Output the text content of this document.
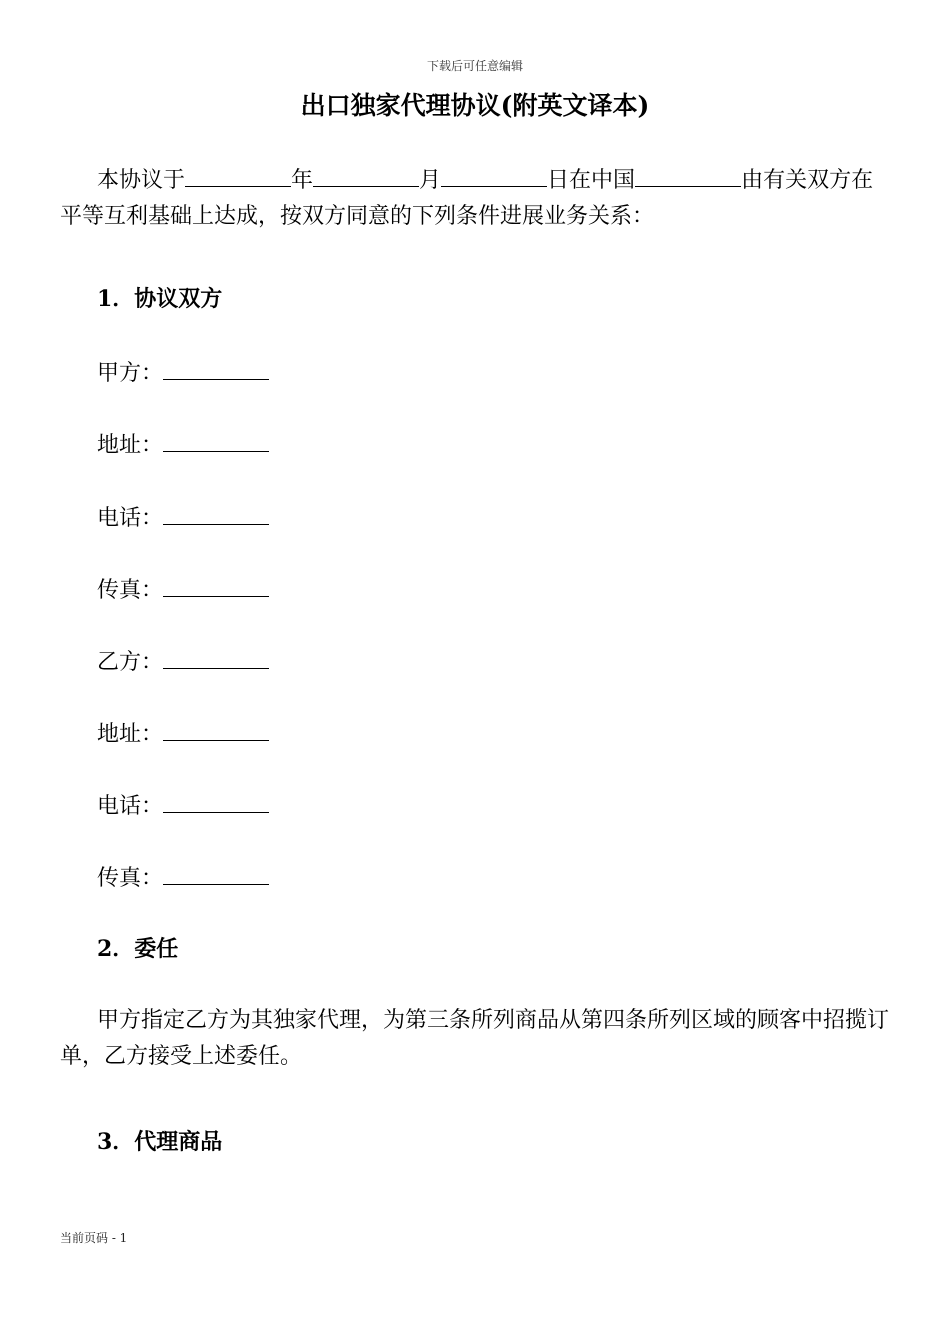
下载后可任意编辑
出口独家代理协议(附英文译本)

本协议于	年	月	日在中国	由有关双方在平等互利基础上达成，按双方同意的下列条件进展业务关系：

1．协议双方
甲方：
地址：
电话：
传真：
乙方：
地址：
电话：
传真：
2．委任

甲方指定乙方为其独家代理，为第三条所列商品从第四条所列区域的顾客中招揽订单，乙方接受上述委任。

3．代理商品
当前页码 - 1
